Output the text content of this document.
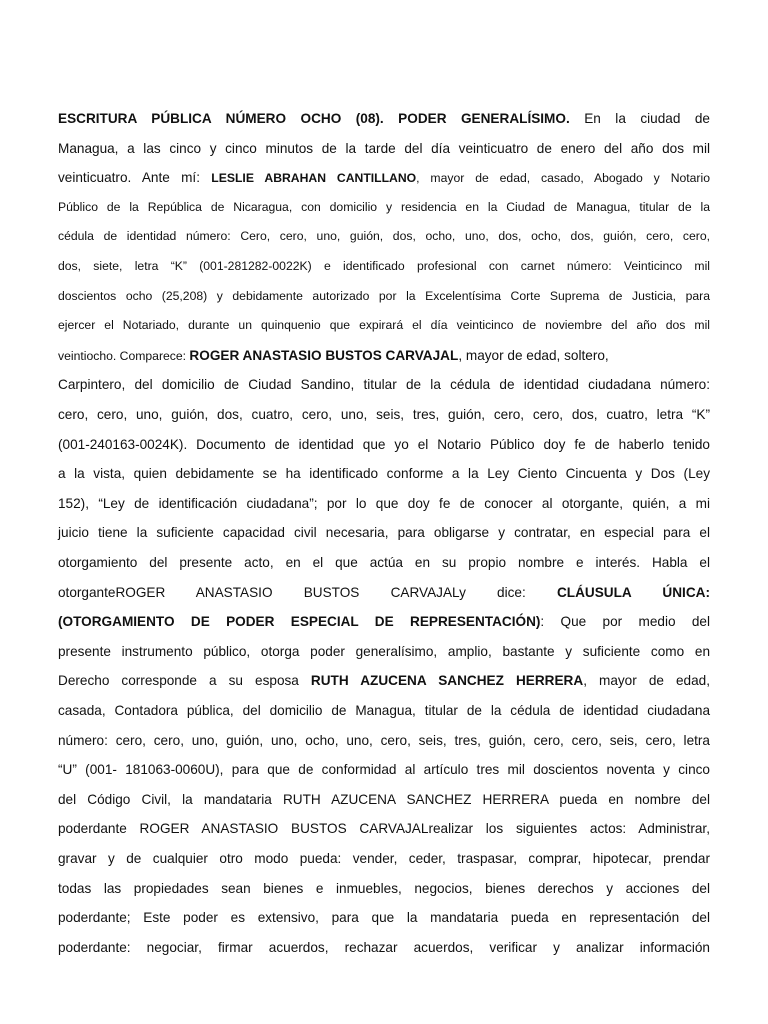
ESCRITURA PÚBLICA NÚMERO OCHO (08). PODER GENERALÍSIMO. En la ciudad de
Managua, a las cinco y cinco minutos de la tarde del día veinticuatro de enero del año dos mil
veinticuatro. Ante mí: LESLIE ABRAHAN CANTILLANO, mayor de edad, casado, Abogado y Notario
Público de la República de Nicaragua, con domicilio y residencia en la Ciudad de Managua, titular de la
cédula de identidad número: Cero, cero, uno, guión, dos, ocho, uno, dos, ocho, dos, guión, cero, cero,
dos, siete, letra “K” (001-281282-0022K) e identificado profesional con carnet número: Veinticinco mil
doscientos ocho (25,208) y debidamente autorizado por la Excelentísima Corte Suprema de Justicia, para
ejercer el Notariado, durante un quinquenio que expirará el día veinticinco de noviembre del año dos mil
veintiocho. Comparece: ROGER ANASTASIO BUSTOS CARVAJAL, mayor de edad, soltero,
Carpintero, del domicilio de Ciudad Sandino, titular de la cédula de identidad ciudadana número:
cero, cero, uno, guión, dos, cuatro, cero, uno, seis, tres, guión, cero, cero, dos, cuatro, letra “K”
(001-240163-0024K). Documento de identidad que yo el Notario Público doy fe de haberlo tenido
a la vista, quien debidamente se ha identificado conforme a la Ley Ciento Cincuenta y Dos (Ley
152), “Ley de identificación ciudadana”; por lo que doy fe de conocer al otorgante, quién, a mi
juicio tiene la suficiente capacidad civil necesaria, para obligarse y contratar, en especial para el
otorgamiento del presente acto, en el que actúa en su propio nombre e interés. Habla el
otorganteROGER ANASTASIO BUSTOS CARVAJALy dice: CLÁUSULA ÚNICA:
(OTORGAMIENTO DE PODER ESPECIAL DE REPRESENTACIÓN): Que por medio del
presente instrumento público, otorga poder generalísimo, amplio, bastante y suficiente como en
Derecho corresponde a su esposa RUTH AZUCENA SANCHEZ HERRERA, mayor de edad,
casada, Contadora pública, del domicilio de Managua, titular de la cédula de identidad ciudadana
número: cero, cero, uno, guión, uno, ocho, uno, cero, seis, tres, guión, cero, cero, seis, cero, letra
“U” (001- 181063-0060U), para que de conformidad al artículo tres mil doscientos noventa y cinco
del Código Civil, la mandataria RUTH AZUCENA SANCHEZ HERRERA pueda en nombre del
poderdante ROGER ANASTASIO BUSTOS CARVAJALrealizar los siguientes actos: Administrar,
gravar y de cualquier otro modo pueda: vender, ceder, traspasar, comprar, hipotecar, prendar
todas las propiedades sean bienes e inmuebles, negocios, bienes derechos y acciones del
poderdante; Este poder es extensivo, para que la mandataria pueda en representación del
poderdante: negociar, firmar acuerdos, rechazar acuerdos, verificar y analizar información
